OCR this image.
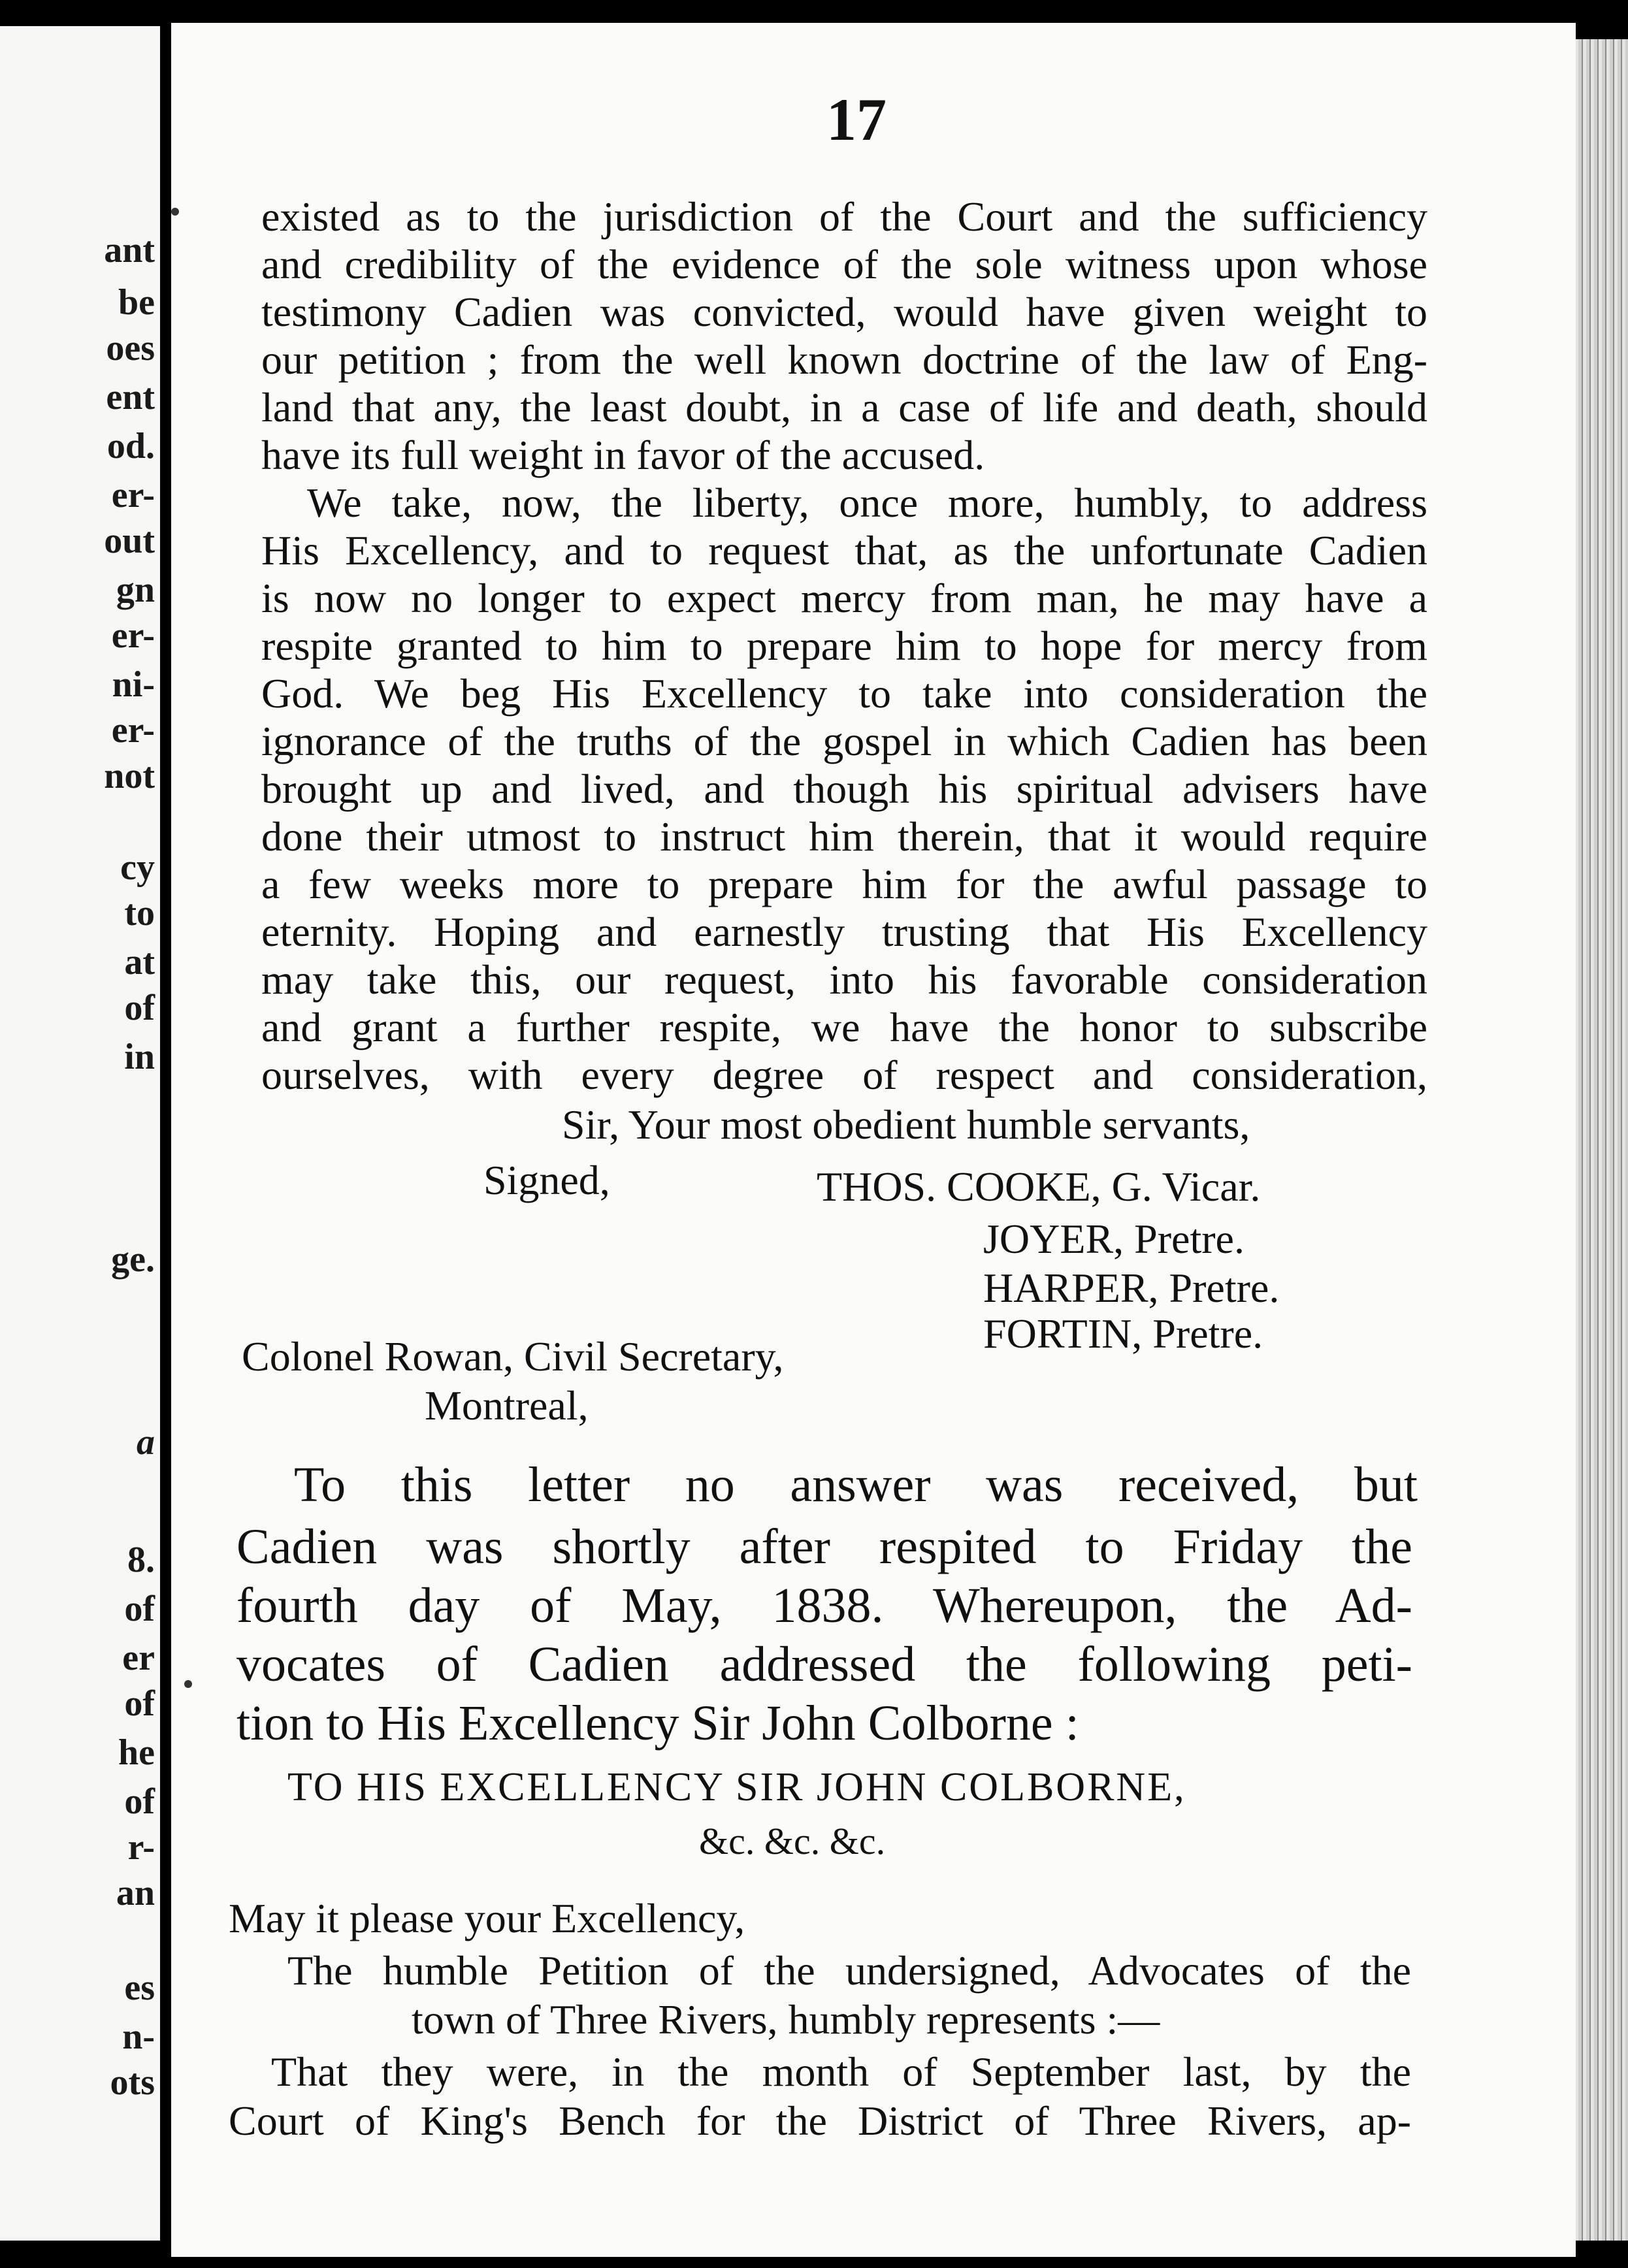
ant
be
oes
ent
od.
er-
out
gn
er-
ni-
er-
not
cy
to
at
of
in
ge.
a
8.
of
er
of
he
of
r-
an
es
n-
ots
17
existed as to the jurisdiction of the Court and the sufficiency
and credibility of the evidence of the sole witness upon whose
testimony Cadien was convicted, would have given weight to
our petition ; from the well known doctrine of the law of Eng-
land that any, the least doubt, in a case of life and death, should
have its full weight in favor of the accused.
We take, now, the liberty, once more, humbly, to address
His Excellency, and to request that, as the unfortunate Cadien
is now no longer to expect mercy from man, he may have a
respite granted to him to prepare him to hope for mercy from
God. We beg His Excellency to take into consideration the
ignorance of the truths of the gospel in which Cadien has been
brought up and lived, and though his spiritual advisers have
done their utmost to instruct him therein, that it would require
a few weeks more to prepare him for the awful passage to
eternity. Hoping and earnestly trusting that His Excellency
may take this, our request, into his favorable consideration
and grant a further respite, we have the honor to subscribe
ourselves, with every degree of respect and consideration,
Sir, Your most obedient humble servants,
Signed,	THOS. COOKE, G. Vicar.
JOYER, Pretre.
HARPER, Pretre.
FORTIN, Pretre.
Colonel Rowan, Civil Secretary,
Montreal,
To this letter no answer was received, but
Cadien was shortly after respited to Friday the
fourth day of May, 1838. Whereupon, the Ad-
vocates of Cadien addressed the following peti-
tion to His Excellency Sir John Colborne :
TO HIS EXCELLENCY SIR JOHN COLBORNE,
&c. &c. &c.
May it please your Excellency,
The humble Petition of the undersigned, Advocates of the
town of Three Rivers, humbly represents :—
That they were, in the month of September last, by the
Court of King's Bench for the District of Three Rivers, ap-
